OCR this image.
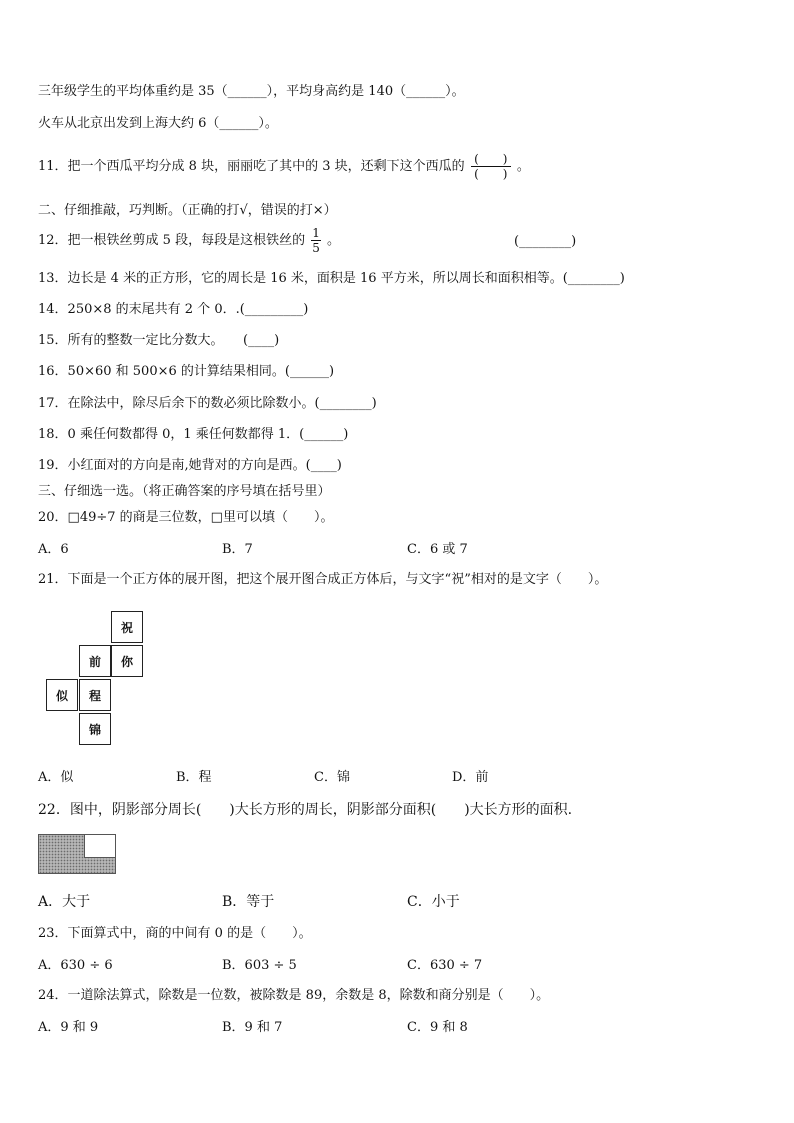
三年级学生的平均体重约是 35（______），平均身高约是 140（______）。
火车从北京出发到上海大约 6（______）。
11．把一个西瓜平均分成 8 块，丽丽吃了其中的 3 块，还剩下这个西瓜的 $\frac{( )}{( )}$ 。
二、仔细推敲，巧判断。（正确的打√，错误的打×）
12．把一根铁丝剪成 5 段，每段是这根铁丝的 $\frac{1}{5}$ 。	(________)
13．边长是 4 米的正方形，它的周长是 16 米，面积是 16 平方米，所以周长和面积相等。(________)
14．250×8 的末尾共有 2 个 0．.(_________)
15．所有的整数一定比分数大。　　(____)
16．50×60 和 500×6 的计算结果相同。(______)
17．在除法中，除尽后余下的数必须比除数小。(________)
18．0 乘任何数都得 0，1 乘任何数都得 1．(______)
19．小红面对的方向是南,她背对的方向是西。(____)
三、仔细选一选。（将正确答案的序号填在括号里）
20．□49÷7 的商是三位数，□里可以填（　　）。
A．6	B．7	C．6 或 7
21．下面是一个正方体的展开图，把这个展开图合成正方体后，与文字“祝”相对的是文字（　　）。
祝
前	你
似	程
锦
A．似	B．程	C．锦	D．前
22．图中，阴影部分周长(　　)大长方形的周长，阴影部分面积(　　)大长方形的面积.
A．大于	B．等于	C．小于
23．下面算式中，商的中间有 0 的是（　　）。
A．630 ÷ 6	B．603 ÷ 5	C．630 ÷ 7
24．一道除法算式，除数是一位数，被除数是 89，余数是 8，除数和商分别是（　　）。
A．9 和 9	B．9 和 7	C．9 和 8
